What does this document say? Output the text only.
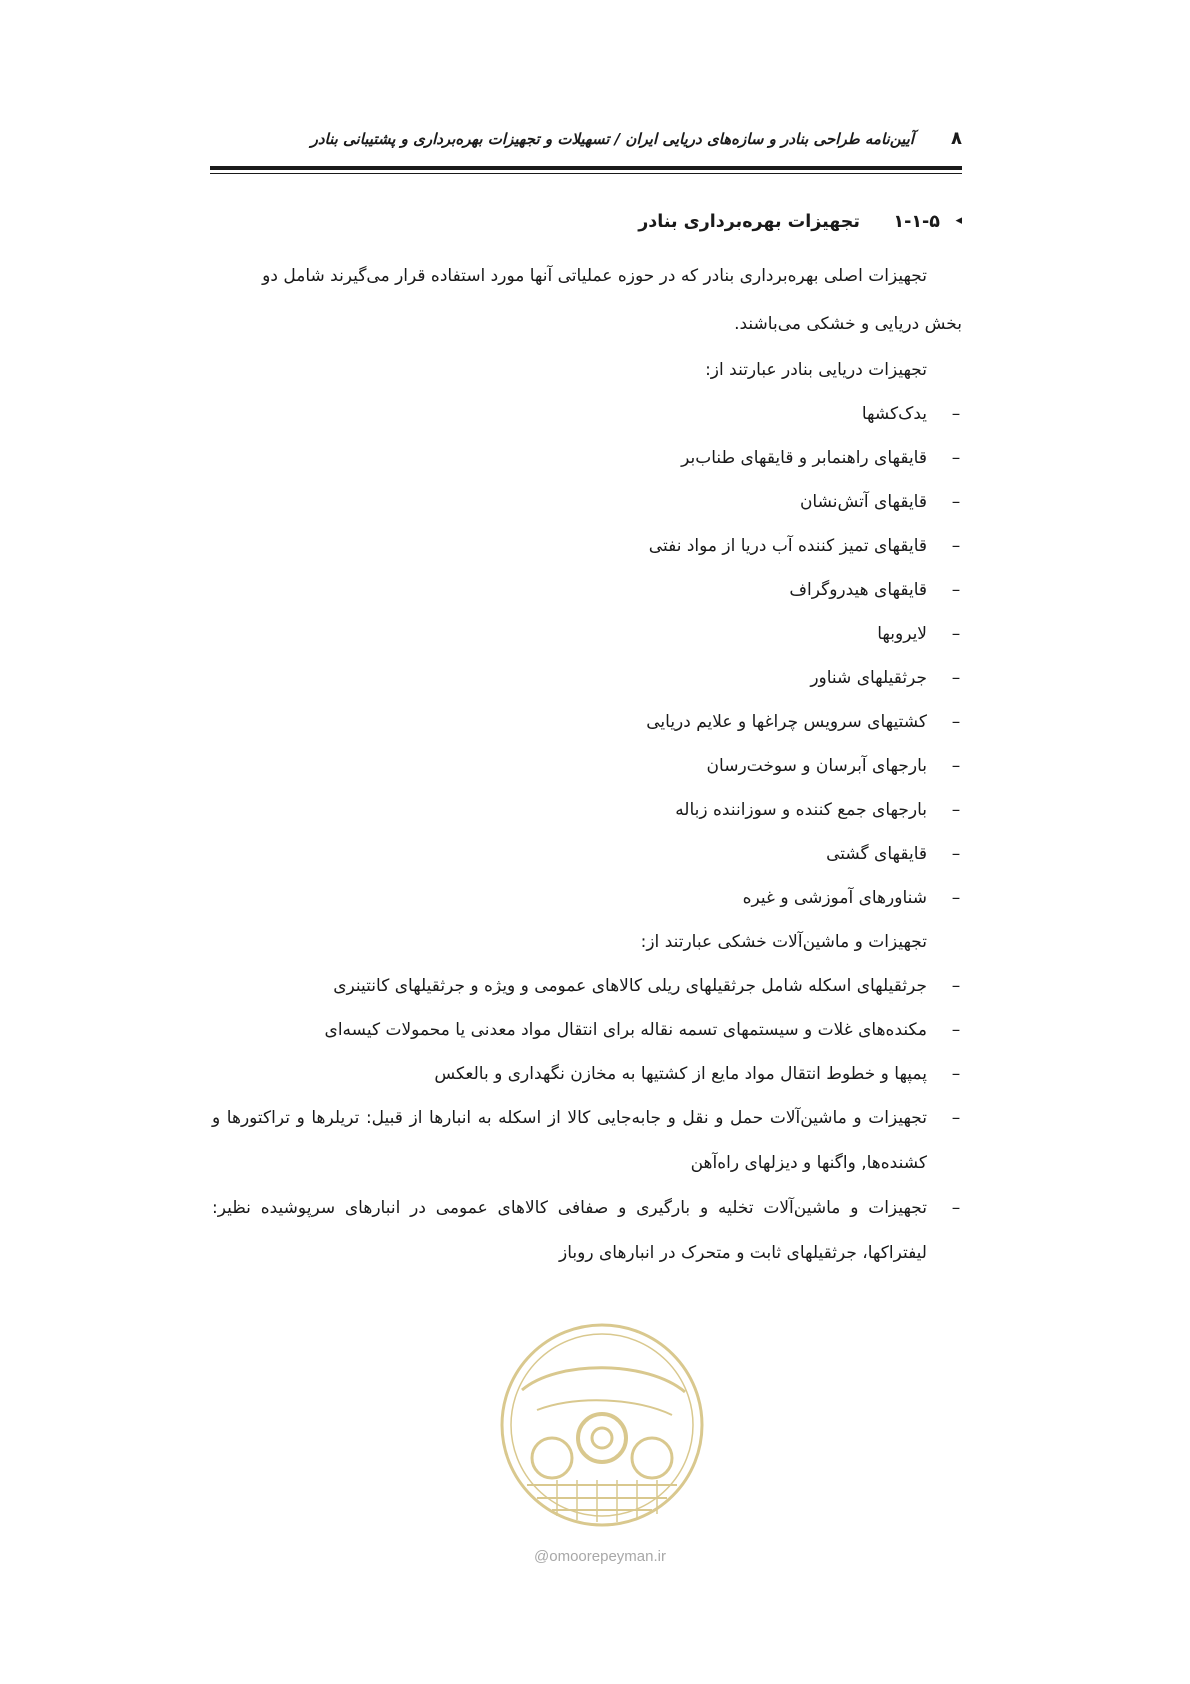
۸
آیین‌نامه طراحی بنادر و سازه‌های دریایی ایران / تسهیلات و تجهیزات بهره‌برداری و پشتیبانی بنادر
◂
۱-۱-۵
تجهیزات بهره‌برداری بنادر

تجهیزات اصلی بهره‌برداری بنادر که در حوزه عملیاتی آنها مورد استفاده قرار می‌گیرند شامل دو
بخش دریایی و خشکی می‌باشند.

تجهیزات دریایی بنادر عبارتند از:

–
یدک‌کشها
–
قایقهای راهنمابر و قایقهای طناب‌بر
–
قایقهای آتش‌نشان
–
قایقهای تمیز کننده آب دریا از مواد نفتی
–
قایقهای هیدروگراف
–
لایروبها
–
جرثقیلهای شناور
–
کشتیهای سرویس چراغها و علایم دریایی
–
بارجهای آبرسان و سوخت‌رسان
–
بارجهای جمع کننده و سوزاننده زباله
–
قایقهای گشتی
–
شناورهای آموزشی و غیره

تجهیزات و ماشین‌آلات خشکی عبارتند از:

–
جرثقیلهای اسکله شامل جرثقیلهای ریلی کالاهای عمومی و ویژه و جرثقیلهای کانتینری
–
مکنده‌های غلات و سیستمهای تسمه نقاله برای انتقال مواد معدنی یا محمولات کیسه‌ای
–
پمپها و خطوط انتقال مواد مایع از کشتیها به مخازن نگهداری و بالعکس
–
تجهیزات و ماشین‌آلات حمل و نقل و جابه‌جایی کالا از اسکله به انبارها از قبیل: تریلرها و تراکتورها و کشنده‌ها, واگنها و دیزلهای راه‌آهن
–
تجهیزات و ماشین‌آلات تخلیه و بارگیری و صفافی کالاهای عمومی در انبارهای سرپوشیده نظیر: لیفتراکها، جرثقیلهای ثابت و متحرک در انبارهای روباز
@omoorepeyman.ir
